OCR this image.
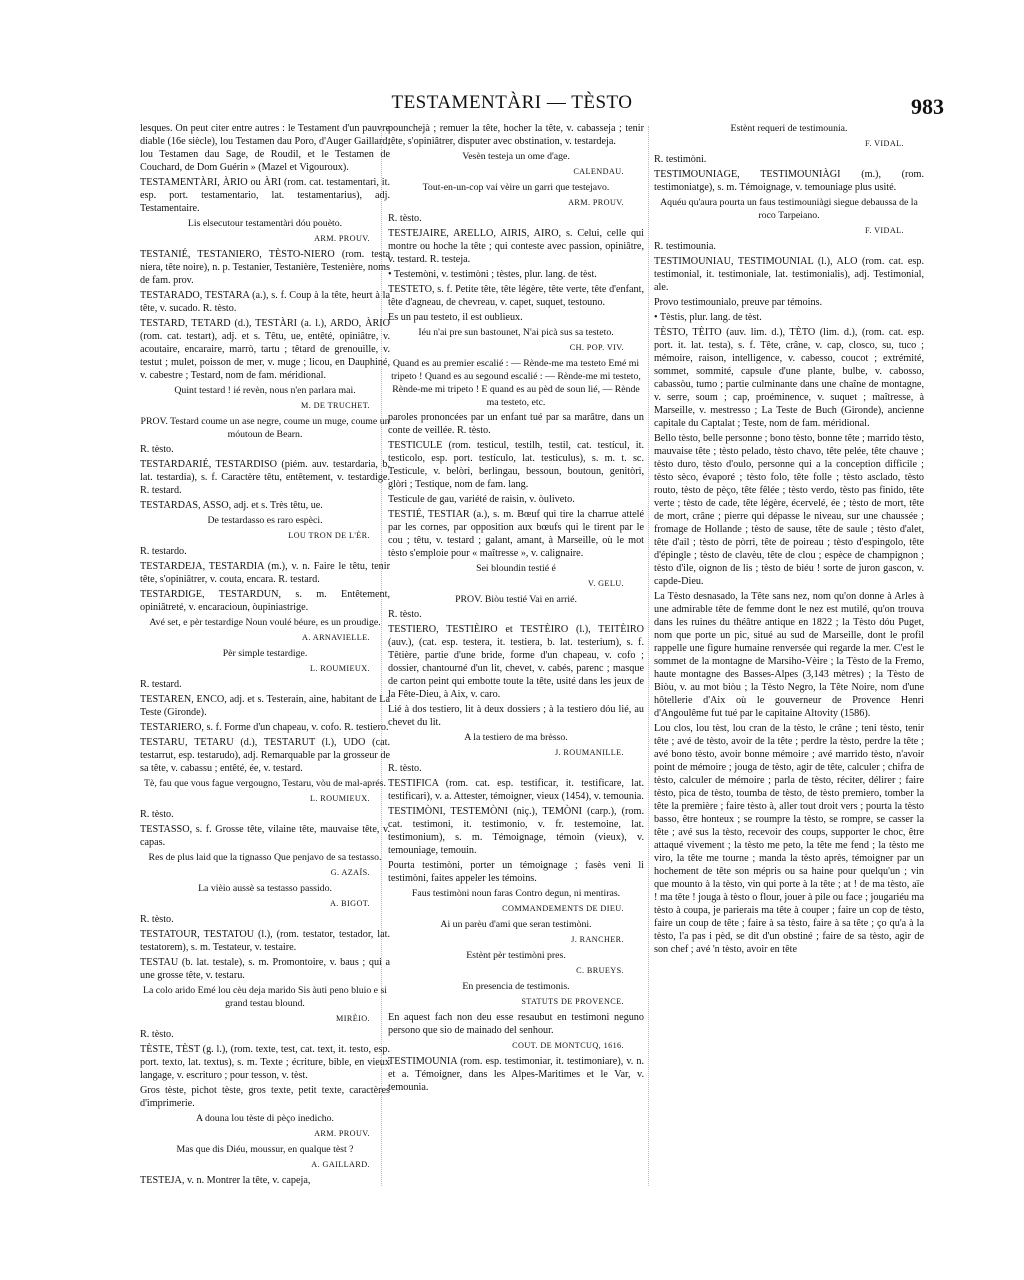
TESTAMENTÀRI — TÈSTO	983

lesques. On peut citer entre autres : le Testament d'un pauvre diable (16e siècle), lou Testamen dau Poro, d'Auger Gaillard, lou Testamen dau Sage, de Roudil, et le Testamen de Couchard, de Dom Guérin » (Mazel et Vigouroux).

TESTAMENTÀRI, ÀRIO ou ÀRI (rom. cat. testamentari, it. esp. port. testamentario, lat. testamentarius), adj. Testamentaire.

Lis elsecutour testamentàri dóu pouèto.

ARM. PROUV.

TESTANIÉ, TESTANIERO, TÈSTO-NIERO (rom. testa niera, tête noire), n. p. Testanier, Testanière, Testenière, noms de fam. prov.

TESTARADO, TESTARA (a.), s. f. Coup à la tête, heurt à la tête, v. sucado. R. tèsto.

TESTARD, TETARD (d.), TESTÀRI (a. l.), ARDO, ÀRIO (rom. cat. testart), adj. et s. Têtu, ue, entêté, opiniâtre, v. acoutaire, encaraire, marrò, tartu ; têtard de grenouille, v. testut ; mulet, poisson de mer, v. muge ; licou, en Dauphiné, v. cabestre ; Testard, nom de fam. méridional.

Quint testard ! ié revèn, nous n'en parlara mai.

M. DE TRUCHET.

PROV. Testard coume un ase negre, coume un muge, coume un móutoun de Bearn.

R. tèsto.

TESTARDARIÉ, TESTARDISO (piém. auv. testardaria, b. lat. testardia), s. f. Caractère têtu, entêtement, v. testardige. R. testard.

TESTARDAS, ASSO, adj. et s. Très têtu, ue.

De testardasso es raro espèci.

LOU TRON DE L'ÈR.

R. testardo.

TESTARDEJA, TESTARDIA (m.), v. n. Faire le têtu, tenir tête, s'opiniâtrer, v. couta, encara. R. testard.

TESTARDIGE, TESTARDUN, s. m. Entêtement, opiniâtreté, v. encaracioun, òupiniastrige.

Avé set, e pèr testardige Noun voulé béure, es un proudige.

A. ARNAVIELLE.

Pèr simple testardige.

L. ROUMIEUX.

R. testard.

TESTAREN, ENCO, adj. et s. Testerain, aine, habitant de La Teste (Gironde).

TESTARIERO, s. f. Forme d'un chapeau, v. cofo. R. testiero.

TESTARU, TETARU (d.), TESTARUT (l.), UDO (cat. testarrut, esp. testarudo), adj. Remarquable par la grosseur de sa tête, v. cabassu ; entêté, ée, v. testard.

Tè, fau que vous fague vergougno, Testaru, vòu de mal-aprés.

L. ROUMIEUX.

R. tèsto.

TESTASSO, s. f. Grosse tête, vilaine tête, mauvaise tête, v. capas.

Res de plus laid que la tignasso Que penjavo de sa testasso.

G. AZAÏS.

La vièio aussè sa testasso passido.

A. BIGOT.

R. tèsto.

TESTATOUR, TESTATOU (l.), (rom. testator, testador, lat. testatorem), s. m. Testateur, v. testaire.

TESTAU (b. lat. testale), s. m. Promontoire, v. baus ; qui a une grosse tête, v. testaru.

La colo arido Emé lou cèu deja marido Sis àuti peno bluio e si grand testau blound.

MIRÈIO.

R. tèsto.

TÈSTE, TÈST (g. l.), (rom. texte, test, cat. text, it. testo, esp. port. texto, lat. textus), s. m. Texte ; écriture, bible, en vieux langage, v. escrituro ; pour tesson, v. tèst.

Gros tèste, pichot tèste, gros texte, petit texte, caractères d'imprimerie.

A douna lou tèste di pèço inedicho.

ARM. PROUV.

Mas que dis Diéu, moussur, en qualque tèst ?

A. GAILLARD.

TESTEJA, v. n. Montrer la tête, v. capeja,

pounchejà ; remuer la tête, hocher la tête, v. cabasseja ; tenir tête, s'opiniâtrer, disputer avec obstination, v. testardeja.

Vesèn testeja un ome d'age.

CALENDAU.

Tout-en-un-cop vai vèire un garri que testejavo.

ARM. PROUV.

R. tèsto.

TESTEJAIRE, ARELLO, AIRIS, AIRO, s. Celui, celle qui montre ou hoche la tête ; qui conteste avec passion, opiniâtre, v. testard. R. testeja.

• Testemòni, v. testimòni ; tèstes, plur. lang. de tèst.

TESTETO, s. f. Petite tête, tête légère, tête verte, tête d'enfant, tête d'agneau, de chevreau, v. capet, suquet, testouno.

Es un pau testeto, il est oublieux.

Iéu n'ai pre sun bastounet, N'ai picà sus sa testeto.

CH. POP. VIV.

Quand es au premier escalié : — Rènde-me ma testeto Emé mi tripeto ! Quand es au segound escalié : — Rènde-me mi testeto, Rènde-me mi tripeto ! E quand es au pèd de soun lié, — Rènde ma testeto, etc.

paroles prononcées par un enfant tué par sa marâtre, dans un conte de veillée. R. tèsto.

TESTICULE (rom. testicul, testilh, testil, cat. testícul, it. testicolo, esp. port. testículo, lat. testiculus), s. m. t. sc. Testicule, v. belòri, berlingau, bessoun, boutoun, genitòri, glòri ; Testique, nom de fam. lang.

Testicule de gau, variété de raisin, v. òuliveto.

TESTIÉ, TESTIAR (a.), s. m. Bœuf qui tire la charrue attelé par les cornes, par opposition aux bœufs qui le tirent par le cou ; têtu, v. testard ; galant, amant, à Marseille, où le mot tèsto s'emploie pour « maîtresse », v. calignaire.

Sei bloundin testié é

V. GELU.

PROV. Biòu testié Vai en arrié.

R. tèsto.

TESTIERO, TESTIÈIRO et TESTÈIRO (l.), TEITÈIRO (auv.), (cat. esp. testera, it. testiera, b. lat. testerium), s. f. Têtière, partie d'une bride, forme d'un chapeau, v. cofo ; dossier, chantourné d'un lit, chevet, v. cabés, parenc ; masque de carton peint qui embotte toute la tête, usité dans les jeux de la Fête-Dieu, à Aix, v. caro.

Lié à dos testiero, lit à deux dossiers ; à la testiero dóu lié, au chevet du lit.

A la testiero de ma brèsso.

J. ROUMANILLE.

R. tèsto.

TESTIFICA (rom. cat. esp. testificar, it. testificare, lat. testificari), v. a. Attester, témoigner, vieux (1454), v. temounia.

TESTIMÒNI, TESTEMÒNI (niç.), TEMÒNI (carp.), (rom. cat. testimoni, it. testimonio, v. fr. testemoine, lat. testimonium), s. m. Témoignage, témoin (vieux), v. temouniage, temouin.

Pourta testimòni, porter un témoignage ; fasès veni li testimòni, faites appeler les témoins.

Faus testimòni noun faras Contro degun, ni mentiras.

COMMANDEMENTS DE DIEU.

Ai un parèu d'ami que seran testimòni.

J. RANCHER.

Estènt pèr testimòni pres.

C. BRUEYS.

En presencia de testimonis.

STATUTS DE PROVENCE.

En aquest fach non deu esse resaubut en testimoni neguno persono que sio de mainado del senhour.

COUT. DE MONTCUQ, 1616.

TESTIMOUNIA (rom. esp. testimoniar, it. testimoniare), v. n. et a. Témoigner, dans les Alpes-Maritimes et le Var, v. temounia.

Estènt requeri de testimounia.

F. VIDAL.

R. testimòni.

TESTIMOUNIAGE, TESTIMOUNIÀGI (m.), (rom. testimoniatge), s. m. Témoignage, v. temouniage plus usité.

Aquéu qu'aura pourta un faus testimouniàgi siegue debaussa de la roco Tarpeiano.

F. VIDAL.

R. testimounia.

TESTIMOUNIAU, TESTIMOUNIAL (l.), ALO (rom. cat. esp. testimonial, it. testimoniale, lat. testimonialis), adj. Testimonial, ale.

Provo testimounialo, preuve par témoins.

• Tèstis, plur. lang. de tèst.

TÈSTO, TÈITO (auv. lim. d.), TÈTO (lim. d.), (rom. cat. esp. port. it. lat. testa), s. f. Tête, crâne, v. cap, closco, su, tuco ; mémoire, raison, intelligence, v. cabesso, coucot ; extrémité, sommet, sommité, capsule d'une plante, bulbe, v. cabosso, cabassòu, tumo ; partie culminante dans une chaîne de montagne, v. serre, soum ; cap, proéminence, v. suquet ; maîtresse, à Marseille, v. mestresso ; La Teste de Buch (Gironde), ancienne capitale du Captalat ; Teste, nom de fam. méridional.

Bello tèsto, belle personne ; bono tèsto, bonne tête ; marrido tèsto, mauvaise tête ; tèsto pelado, tèsto chavo, tête pelée, tête chauve ; tèsto duro, tèsto d'oulo, personne qui a la conception difficile ; tèsto sèco, évaporé ; tèsto folo, tête folle ; tèsto asclado, tèsto routo, tèsto de pèço, tête fêlée ; tèsto verdo, tèsto pas finido, tête verte ; tèsto de cade, tête légère, écervelé, ée ; tèsto de mort, tête de mort, crâne ; pierre qui dépasse le niveau, sur une chaussée ; fromage de Hollande ; tèsto de sause, tête de saule ; tèsto d'alet, tête d'ail ; tèsto de pòrri, tête de poireau ; tèsto d'espingolo, tête d'épingle ; tèsto de clavèu, tête de clou ; espèce de champignon ; tèsto d'ile, oignon de lis ; tèsto de biéu ! sorte de juron gascon, v. capde-Dieu.

La Tèsto desnasado, la Tête sans nez, nom qu'on donne à Arles à une admirable tête de femme dont le nez est mutilé, qu'on trouva dans les ruines du théâtre antique en 1822 ; la Tèsto dóu Puget, nom que porte un pic, situé au sud de Marseille, dont le profil rappelle une figure humaine renversée qui regarde la mer. C'est le sommet de la montagne de Marsiho-Vèire ; la Tèsto de la Fremo, haute montagne des Basses-Alpes (3,143 mètres) ; la Tèsto de Biòu, v. au mot biòu ; la Tèsto Negro, la Tête Noire, nom d'une hôtellerie d'Aix où le gouverneur de Provence Henri d'Angoulême fut tué par le capitaine Altovity (1586).

Lou clos, lou tèst, lou cran de la tèsto, le crâne ; teni tèsto, tenir tête ; avé de tèsto, avoir de la tête ; perdre la tèsto, perdre la tête ; avé bono tèsto, avoir bonne mémoire ; avé marrido tèsto, n'avoir point de mémoire ; jouga de tèsto, agir de tête, calculer ; chifra de tèsto, calculer de mémoire ; parla de tèsto, réciter, délirer ; faire tèsto, pica de tèsto, toumba de tèsto, de tèsto premiero, tomber la tête la première ; faire tèsto à, aller tout droit vers ; pourta la tèsto basso, être honteux ; se roumpre la tèsto, se rompre, se casser la tête ; avé sus la tèsto, recevoir des coups, supporter le choc, être attaqué vivement ; la tèsto me peto, la tête me fend ; la tèsto me viro, la tête me tourne ; manda la tèsto après, témoigner par un hochement de tête son mépris ou sa haine pour quelqu'un ; vin que mounto à la tèsto, vin qui porte à la tête ; at ! de ma tèsto, aïe ! ma tête ! jouga à tèsto o flour, jouer à pile ou face ; jougariéu ma tèsto à coupa, je parierais ma tête à couper ; faire un cop de tèsto, faire un coup de tête ; faire à sa tèsto, faire à sa tête ; ço qu'a à la tèsto, l'a pas i pèd, se dit d'un obstiné ; faire de sa tèsto, agir de son chef ; avé 'n tèsto, avoir en tête
